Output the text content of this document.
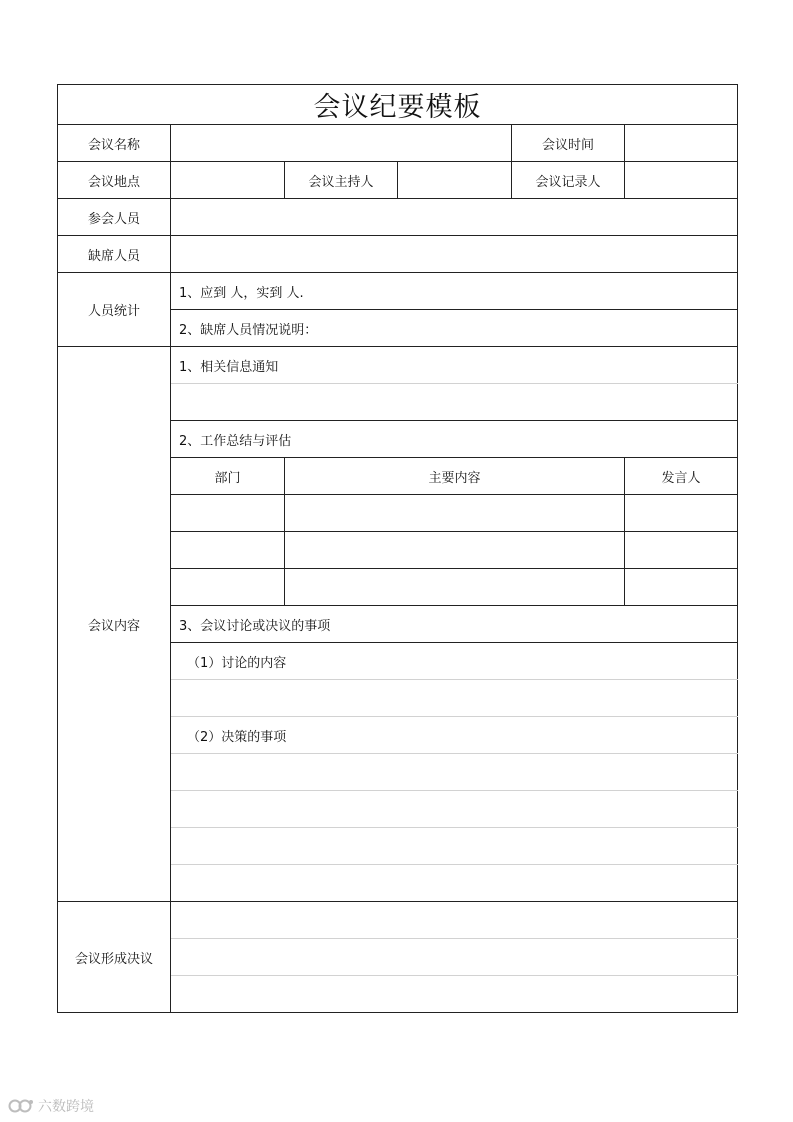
会议纪要模板					
会议名称				会议时间	
会议地点		会议主持人		会议记录人	
参会人员					
缺席人员					
人员统计	1、应到 人，实到 人.				
	2、缺席人员情况说明：				
会议内容	1、相关信息通知				

	2、工作总结与评估				
	部门	主要内容			发言人

	3、会议讨论或决议的事项				
	（1）讨论的内容				

	（2）决策的事项				

会议形成决议					

六数跨境
